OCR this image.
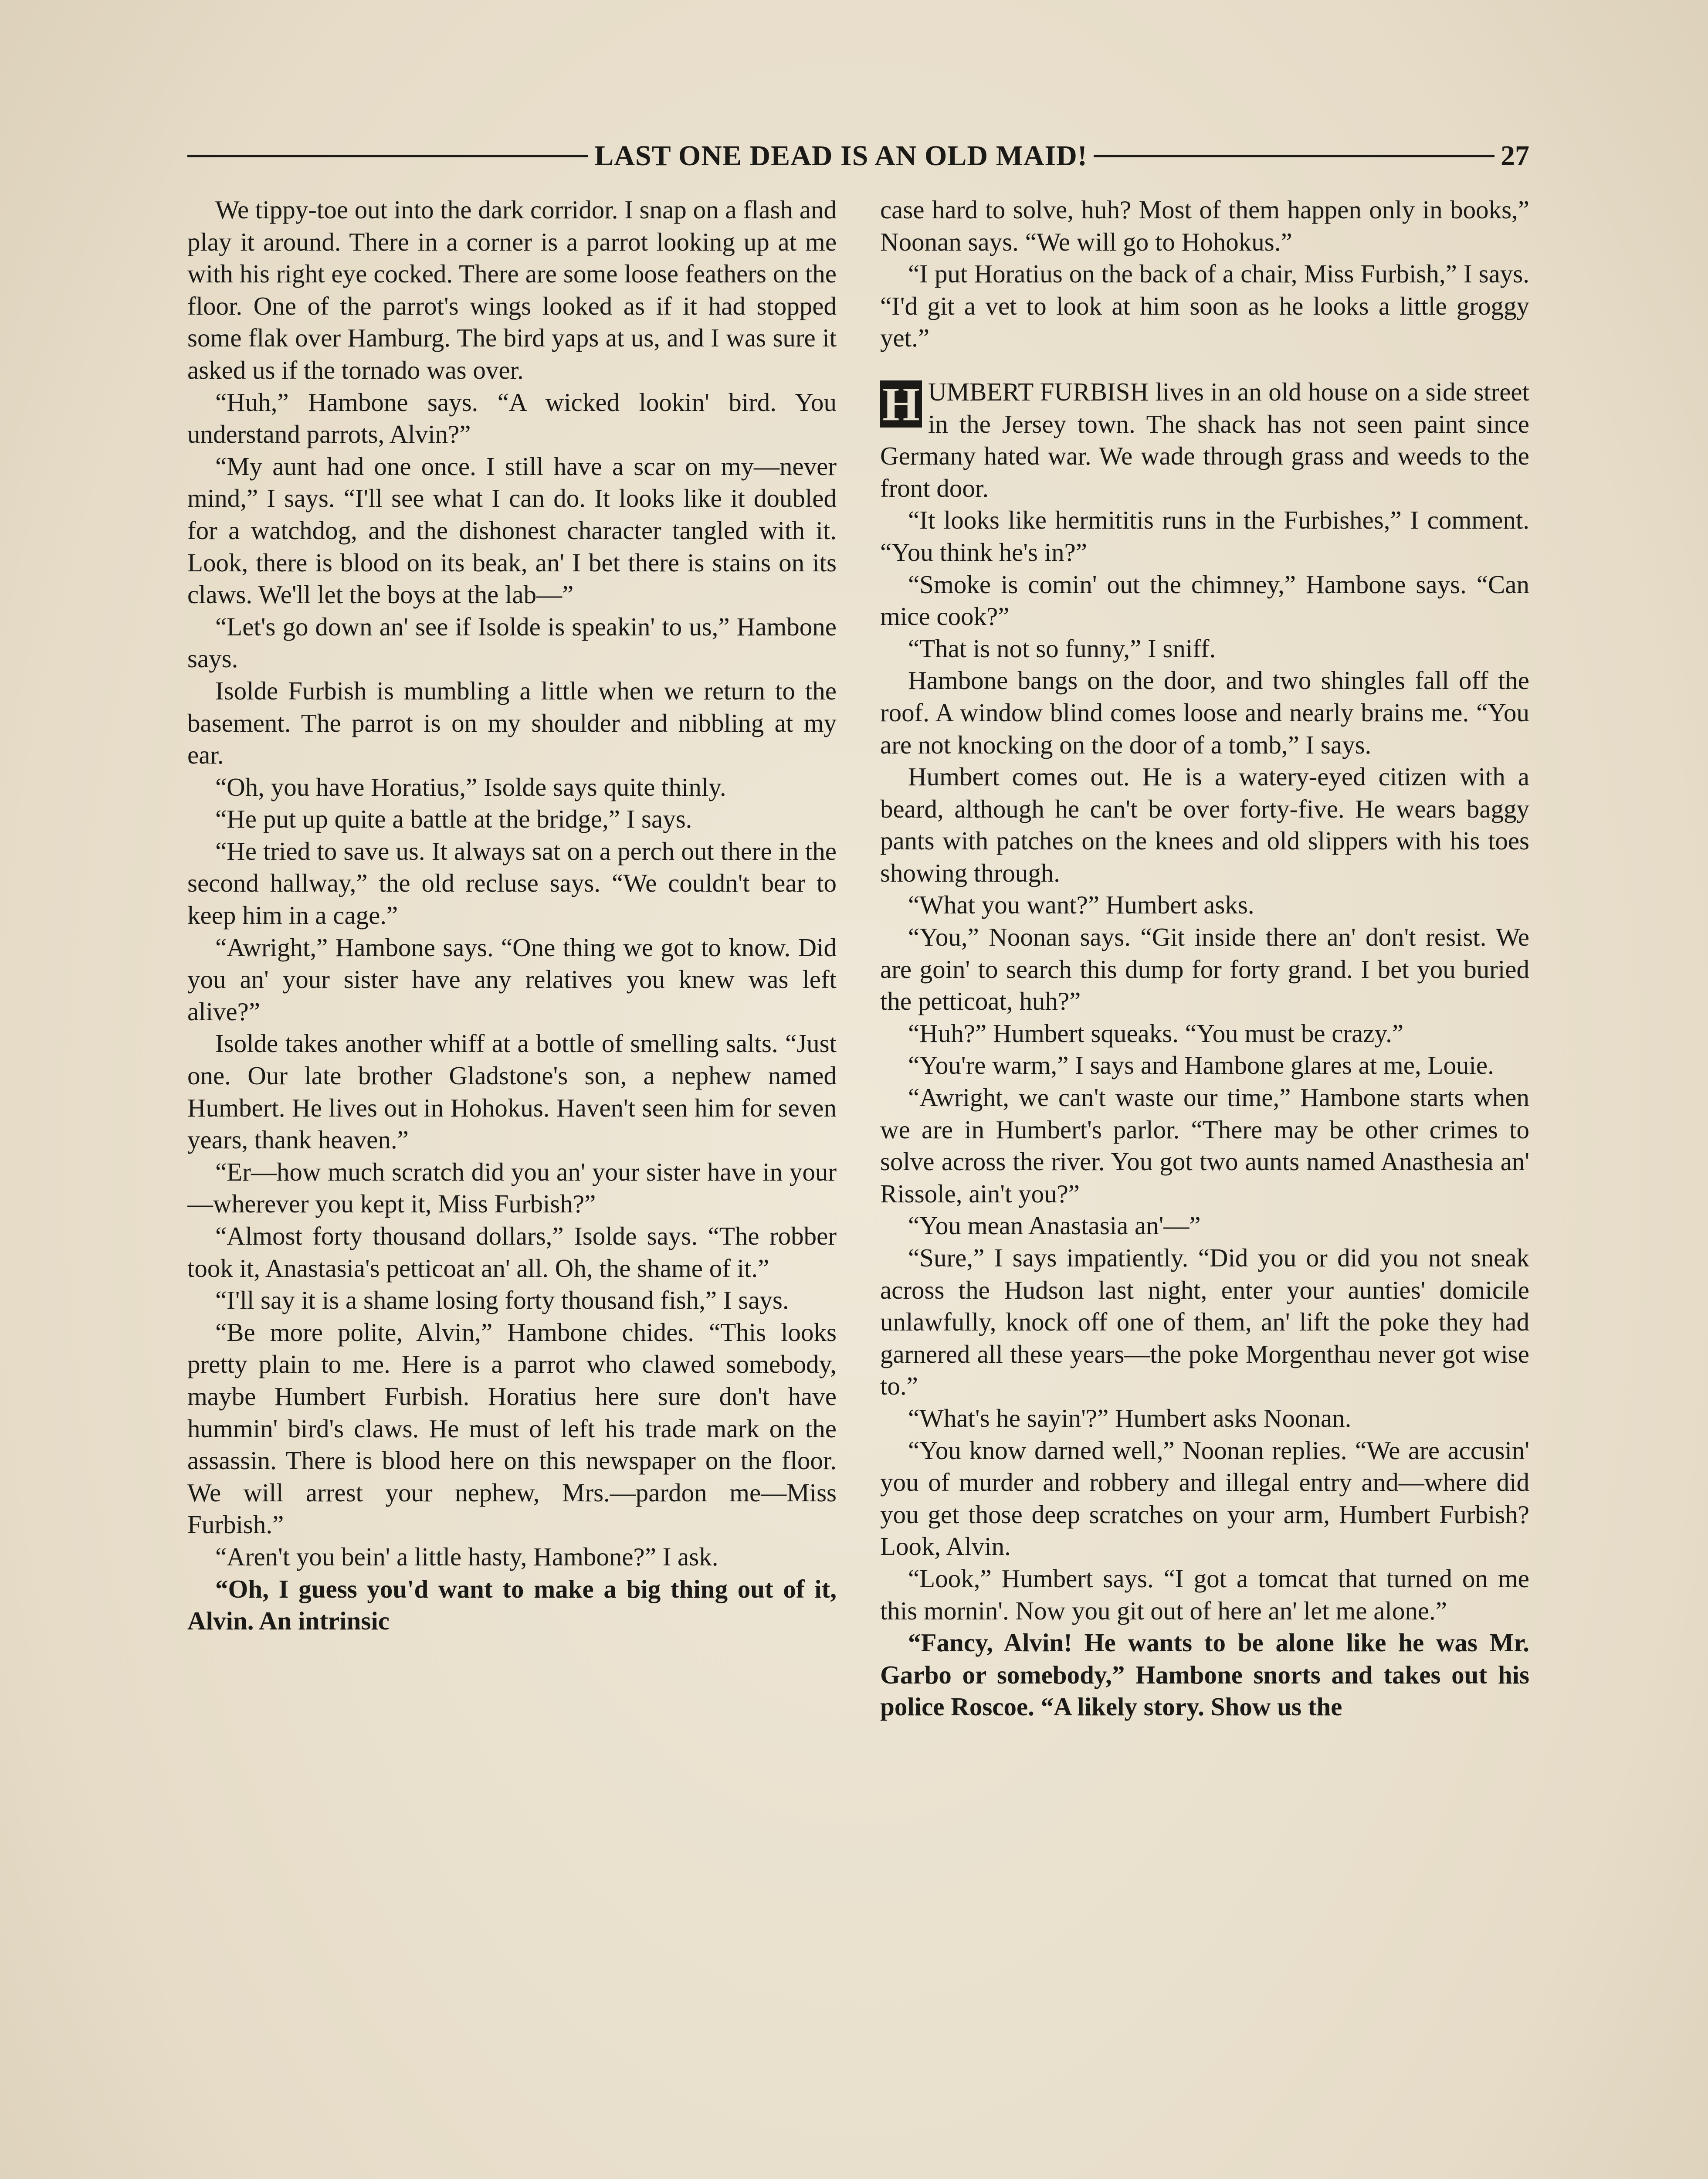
LAST ONE DEAD IS AN OLD MAID!	27

We tippy-toe out into the dark corridor. I snap on a flash and play it around. There in a corner is a parrot looking up at me with his right eye cocked. There are some loose feathers on the floor. One of the parrot's wings looked as if it had stopped some flak over Hamburg. The bird yaps at us, and I was sure it asked us if the tornado was over.

“Huh,” Hambone says. “A wicked lookin' bird. You understand parrots, Alvin?”

“My aunt had one once. I still have a scar on my—never mind,” I says. “I'll see what I can do. It looks like it doubled for a watchdog, and the dishonest character tangled with it. Look, there is blood on its beak, an' I bet there is stains on its claws. We'll let the boys at the lab—”

“Let's go down an' see if Isolde is speakin' to us,” Hambone says.

Isolde Furbish is mumbling a little when we return to the basement. The parrot is on my shoulder and nibbling at my ear.

“Oh, you have Horatius,” Isolde says quite thinly.

“He put up quite a battle at the bridge,” I says.

“He tried to save us. It always sat on a perch out there in the second hallway,” the old recluse says. “We couldn't bear to keep him in a cage.”

“Awright,” Hambone says. “One thing we got to know. Did you an' your sister have any relatives you knew was left alive?”

Isolde takes another whiff at a bottle of smelling salts. “Just one. Our late brother Gladstone's son, a nephew named Humbert. He lives out in Hohokus. Haven't seen him for seven years, thank heaven.”

“Er—how much scratch did you an' your sister have in your—wherever you kept it, Miss Furbish?”

“Almost forty thousand dollars,” Isolde says. “The robber took it, Anastasia's petticoat an' all. Oh, the shame of it.”

“I'll say it is a shame losing forty thousand fish,” I says.

“Be more polite, Alvin,” Hambone chides. “This looks pretty plain to me. Here is a parrot who clawed somebody, maybe Humbert Furbish. Horatius here sure don't have hummin' bird's claws. He must of left his trade mark on the assassin. There is blood here on this newspaper on the floor. We will arrest your nephew, Mrs.—pardon me—Miss Furbish.”

“Aren't you bein' a little hasty, Hambone?” I ask.

“Oh, I guess you'd want to make a big thing out of it, Alvin. An intrinsic

case hard to solve, huh? Most of them happen only in books,” Noonan says. “We will go to Hohokus.”

“I put Horatius on the back of a chair, Miss Furbish,” I says. “I'd git a vet to look at him soon as he looks a little groggy yet.”

H UMBERT FURBISH lives in an old house on a side street in the Jersey town. The shack has not seen paint since Germany hated war. We wade through grass and weeds to the front door.

“It looks like hermititis runs in the Furbishes,” I comment. “You think he's in?”

“Smoke is comin' out the chimney,” Hambone says. “Can mice cook?”

“That is not so funny,” I sniff.

Hambone bangs on the door, and two shingles fall off the roof. A window blind comes loose and nearly brains me. “You are not knocking on the door of a tomb,” I says.

Humbert comes out. He is a watery-eyed citizen with a beard, although he can't be over forty-five. He wears baggy pants with patches on the knees and old slippers with his toes showing through.

“What you want?” Humbert asks.

“You,” Noonan says. “Git inside there an' don't resist. We are goin' to search this dump for forty grand. I bet you buried the petticoat, huh?”

“Huh?” Humbert squeaks. “You must be crazy.”

“You're warm,” I says and Hambone glares at me, Louie.

“Awright, we can't waste our time,” Hambone starts when we are in Humbert's parlor. “There may be other crimes to solve across the river. You got two aunts named Anasthesia an' Rissole, ain't you?”

“You mean Anastasia an'—”

“Sure,” I says impatiently. “Did you or did you not sneak across the Hudson last night, enter your aunties' domicile unlawfully, knock off one of them, an' lift the poke they had garnered all these years—the poke Morgenthau never got wise to.”

“What's he sayin'?” Humbert asks Noonan.

“You know darned well,” Noonan replies. “We are accusin' you of murder and robbery and illegal entry and—where did you get those deep scratches on your arm, Humbert Furbish? Look, Alvin.

“Look,” Humbert says. “I got a tomcat that turned on me this mornin'. Now you git out of here an' let me alone.”

“Fancy, Alvin! He wants to be alone like he was Mr. Garbo or somebody,” Hambone snorts and takes out his police Roscoe. “A likely story. Show us the
